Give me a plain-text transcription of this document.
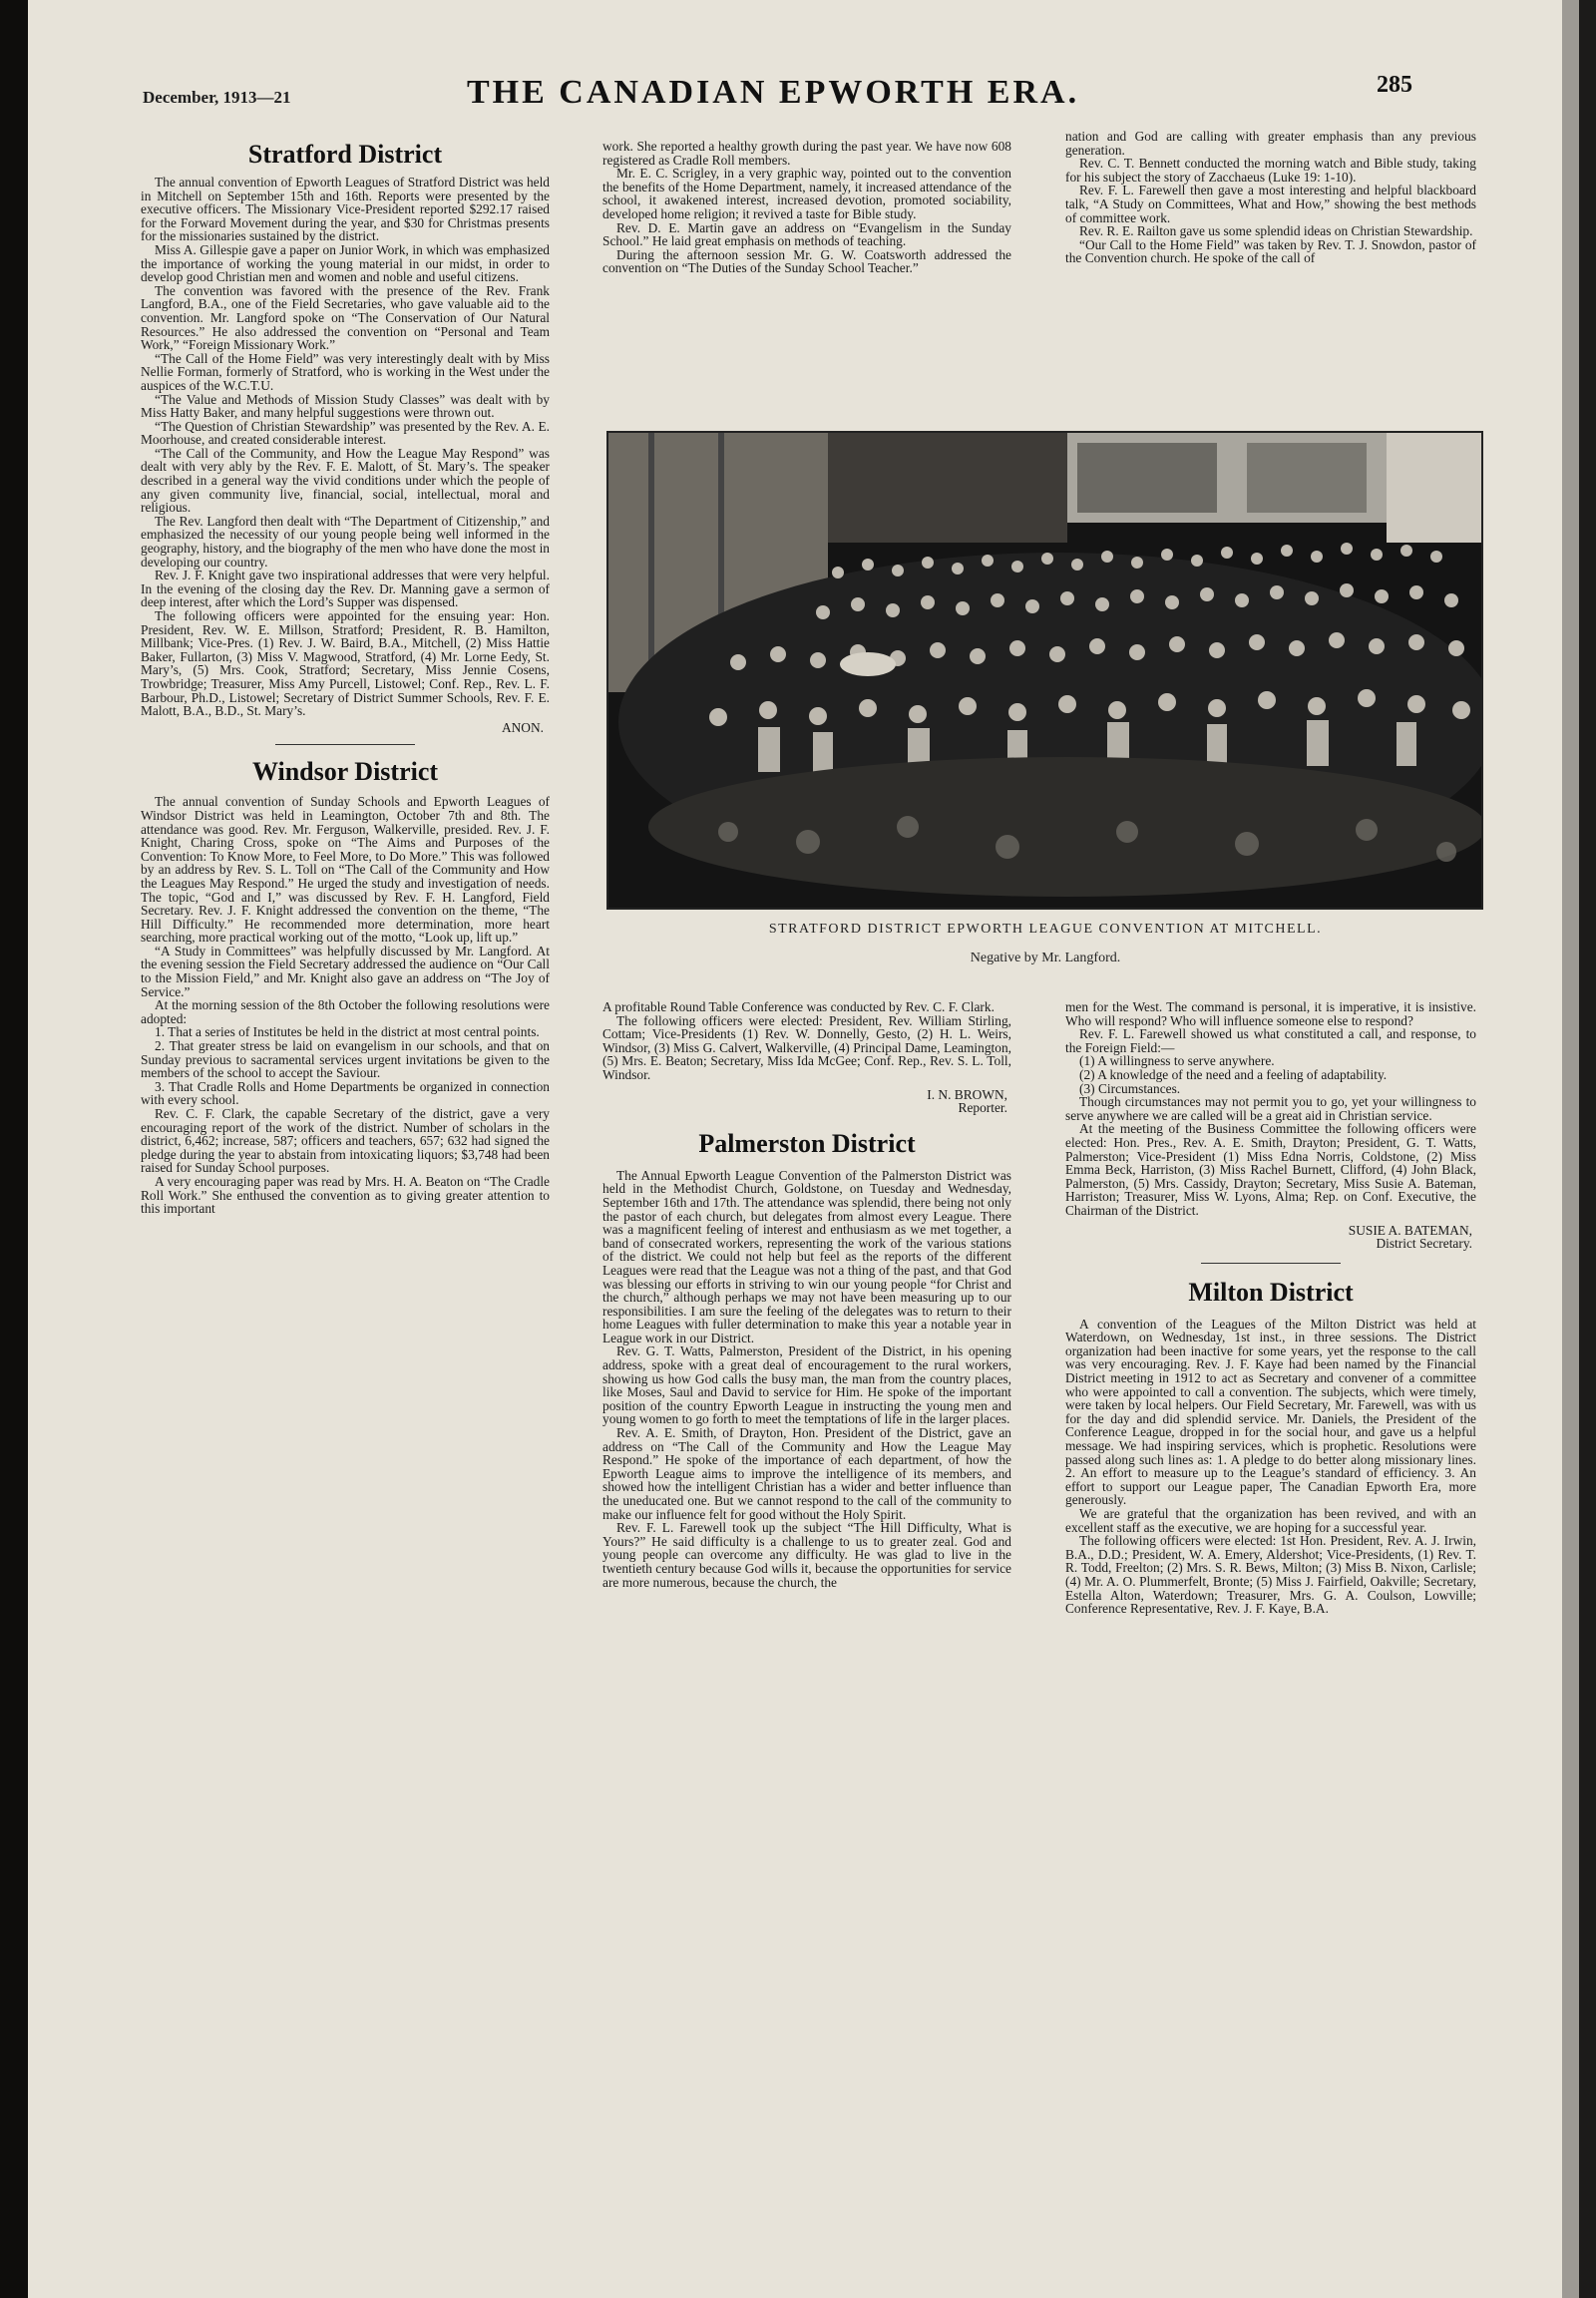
December, 1913—21	THE CANADIAN EPWORTH ERA.	285
Stratford District

The annual convention of Epworth Leagues of Stratford District was held in Mitchell on September 15th and 16th. Reports were presented by the executive officers. The Missionary Vice-President reported $292.17 raised for the Forward Movement during the year, and $30 for Christmas presents for the missionaries sustained by the district.

Miss A. Gillespie gave a paper on Junior Work, in which was emphasized the importance of working the young material in our midst, in order to develop good Christian men and women and noble and useful citizens.

The convention was favored with the presence of the Rev. Frank Langford, B.A., one of the Field Secretaries, who gave valuable aid to the convention. Mr. Langford spoke on “The Conservation of Our Natural Resources.” He also addressed the convention on “Personal and Team Work,” “Foreign Missionary Work.”

“The Call of the Home Field” was very interestingly dealt with by Miss Nellie Forman, formerly of Stratford, who is working in the West under the auspices of the W.C.T.U.

“The Value and Methods of Mission Study Classes” was dealt with by Miss Hatty Baker, and many helpful suggestions were thrown out.

“The Question of Christian Stewardship” was presented by the Rev. A. E. Moorhouse, and created considerable interest.

“The Call of the Community, and How the League May Respond” was dealt with very ably by the Rev. F. E. Malott, of St. Mary’s. The speaker described in a general way the vivid conditions under which the people of any given community live, financial, social, intellectual, moral and religious.

The Rev. Langford then dealt with “The Department of Citizenship,” and emphasized the necessity of our young people being well informed in the geography, history, and the biography of the men who have done the most in developing our country.

Rev. J. F. Knight gave two inspirational addresses that were very helpful. In the evening of the closing day the Rev. Dr. Manning gave a sermon of deep interest, after which the Lord’s Supper was dispensed.

The following officers were appointed for the ensuing year: Hon. President, Rev. W. E. Millson, Stratford; President, R. B. Hamilton, Millbank; Vice-Pres. (1) Rev. J. W. Baird, B.A., Mitchell, (2) Miss Hattie Baker, Fullarton, (3) Miss V. Magwood, Stratford, (4) Mr. Lorne Eedy, St. Mary’s, (5) Mrs. Cook, Stratford; Secretary, Miss Jennie Cosens, Trowbridge; Treasurer, Miss Amy Purcell, Listowel; Conf. Rep., Rev. L. F. Barbour, Ph.D., Listowel; Secretary of District Summer Schools, Rev. F. E. Malott, B.A., B.D., St. Mary’s.

ANON.

Windsor District

The annual convention of Sunday Schools and Epworth Leagues of Windsor District was held in Leamington, October 7th and 8th. The attendance was good. Rev. Mr. Ferguson, Walkerville, presided. Rev. J. F. Knight, Charing Cross, spoke on “The Aims and Purposes of the Convention: To Know More, to Feel More, to Do More.” This was followed by an address by Rev. S. L. Toll on “The Call of the Community and How the Leagues May Respond.” He urged the study and investigation of needs. The topic, “God and I,” was discussed by Rev. F. H. Langford, Field Secretary. Rev. J. F. Knight addressed the convention on the theme, “The Hill Difficulty.” He recommended more determination, more heart searching, more practical working out of the motto, “Look up, lift up.”

“A Study in Committees” was helpfully discussed by Mr. Langford. At the evening session the Field Secretary addressed the audience on “Our Call to the Mission Field,” and Mr. Knight also gave an address on “The Joy of Service.”

At the morning session of the 8th October the following resolutions were adopted:

1. That a series of Institutes be held in the district at most central points.

2. That greater stress be laid on evangelism in our schools, and that on Sunday previous to sacramental services urgent invitations be given to the members of the school to accept the Saviour.

3. That Cradle Rolls and Home Departments be organized in connection with every school.

Rev. C. F. Clark, the capable Secretary of the district, gave a very encouraging report of the work of the district. Number of scholars in the district, 6,462; increase, 587; officers and teachers, 657; 632 had signed the pledge during the year to abstain from intoxicating liquors; $3,748 had been raised for Sunday School purposes.

A very encouraging paper was read by Mrs. H. A. Beaton on “The Cradle Roll Work.” She enthused the convention as to giving greater attention to this important

work. She reported a healthy growth during the past year. We have now 608 registered as Cradle Roll members.

Mr. E. C. Scrigley, in a very graphic way, pointed out to the convention the benefits of the Home Department, namely, it increased attendance of the school, it awakened interest, increased devotion, promoted sociability, developed home religion; it revived a taste for Bible study.

Rev. D. E. Martin gave an address on “Evangelism in the Sunday School.” He laid great emphasis on methods of teaching.

During the afternoon session Mr. G. W. Coatsworth addressed the convention on “The Duties of the Sunday School Teacher.”

nation and God are calling with greater emphasis than any previous generation.

Rev. C. T. Bennett conducted the morning watch and Bible study, taking for his subject the story of Zacchaeus (Luke 19: 1-10).

Rev. F. L. Farewell then gave a most interesting and helpful blackboard talk, “A Study on Committees, What and How,” showing the best methods of committee work.

Rev. R. E. Railton gave us some splendid ideas on Christian Stewardship.

“Our Call to the Home Field” was taken by Rev. T. J. Snowdon, pastor of the Convention church. He spoke of the call of

STRATFORD DISTRICT EPWORTH LEAGUE CONVENTION AT MITCHELL.
Negative by Mr. Langford.

A profitable Round Table Conference was conducted by Rev. C. F. Clark.

The following officers were elected: President, Rev. William Stirling, Cottam; Vice-Presidents (1) Rev. W. Donnelly, Gesto, (2) H. L. Weirs, Windsor, (3) Miss G. Calvert, Walkerville, (4) Principal Dame, Leamington, (5) Mrs. E. Beaton; Secretary, Miss Ida McGee; Conf. Rep., Rev. S. L. Toll, Windsor.

I. N. BROWN,

Reporter.

Palmerston District

The Annual Epworth League Convention of the Palmerston District was held in the Methodist Church, Goldstone, on Tuesday and Wednesday, September 16th and 17th. The attendance was splendid, there being not only the pastor of each church, but delegates from almost every League. There was a magnificent feeling of interest and enthusiasm as we met together, a band of consecrated workers, representing the work of the various stations of the district. We could not help but feel as the reports of the different Leagues were read that the League was not a thing of the past, and that God was blessing our efforts in striving to win our young people “for Christ and the church,” although perhaps we may not have been measuring up to our responsibilities. I am sure the feeling of the delegates was to return to their home Leagues with fuller determination to make this year a notable year in League work in our District.

Rev. G. T. Watts, Palmerston, President of the District, in his opening address, spoke with a great deal of encouragement to the rural workers, showing us how God calls the busy man, the man from the country places, like Moses, Saul and David to service for Him. He spoke of the important position of the country Epworth League in instructing the young men and young women to go forth to meet the temptations of life in the larger places.

Rev. A. E. Smith, of Drayton, Hon. President of the District, gave an address on “The Call of the Community and How the League May Respond.” He spoke of the importance of each department, of how the Epworth League aims to improve the intelligence of its members, and showed how the intelligent Christian has a wider and better influence than the uneducated one. But we cannot respond to the call of the community to make our influence felt for good without the Holy Spirit.

Rev. F. L. Farewell took up the subject “The Hill Difficulty, What is Yours?” He said difficulty is a challenge to us to greater zeal. God and young people can overcome any difficulty. He was glad to live in the twentieth century because God wills it, because the opportunities for service are more numerous, because the church, the

men for the West. The command is personal, it is imperative, it is insistive. Who will respond? Who will influence someone else to respond?

Rev. F. L. Farewell showed us what constituted a call, and response, to the Foreign Field:—

(1) A willingness to serve anywhere.

(2) A knowledge of the need and a feeling of adaptability.

(3) Circumstances.

Though circumstances may not permit you to go, yet your willingness to serve anywhere we are called will be a great aid in Christian service.

At the meeting of the Business Committee the following officers were elected: Hon. Pres., Rev. A. E. Smith, Drayton; President, G. T. Watts, Palmerston; Vice-President (1) Miss Edna Norris, Coldstone, (2) Miss Emma Beck, Harriston, (3) Miss Rachel Burnett, Clifford, (4) John Black, Palmerston, (5) Mrs. Cassidy, Drayton; Secretary, Miss Susie A. Bateman, Harriston; Treasurer, Miss W. Lyons, Alma; Rep. on Conf. Executive, the Chairman of the District.

SUSIE A. BATEMAN,

District Secretary.

Milton District

A convention of the Leagues of the Milton District was held at Waterdown, on Wednesday, 1st inst., in three sessions. The District organization had been inactive for some years, yet the response to the call was very encouraging. Rev. J. F. Kaye had been named by the Financial District meeting in 1912 to act as Secretary and convener of a committee who were appointed to call a convention. The subjects, which were timely, were taken by local helpers. Our Field Secretary, Mr. Farewell, was with us for the day and did splendid service. Mr. Daniels, the President of the Conference League, dropped in for the social hour, and gave us a helpful message. We had inspiring services, which is prophetic. Resolutions were passed along such lines as: 1. A pledge to do better along missionary lines. 2. An effort to measure up to the League’s standard of efficiency. 3. An effort to support our League paper, The Canadian Epworth Era, more generously.

We are grateful that the organization has been revived, and with an excellent staff as the executive, we are hoping for a successful year.

The following officers were elected: 1st Hon. President, Rev. A. J. Irwin, B.A., D.D.; President, W. A. Emery, Aldershot; Vice-Presidents, (1) Rev. T. R. Todd, Freelton; (2) Mrs. S. R. Bews, Milton; (3) Miss B. Nixon, Carlisle; (4) Mr. A. O. Plummerfelt, Bronte; (5) Miss J. Fairfield, Oakville; Secretary, Estella Alton, Waterdown; Treasurer, Mrs. G. A. Coulson, Lowville; Conference Representative, Rev. J. F. Kaye, B.A.
